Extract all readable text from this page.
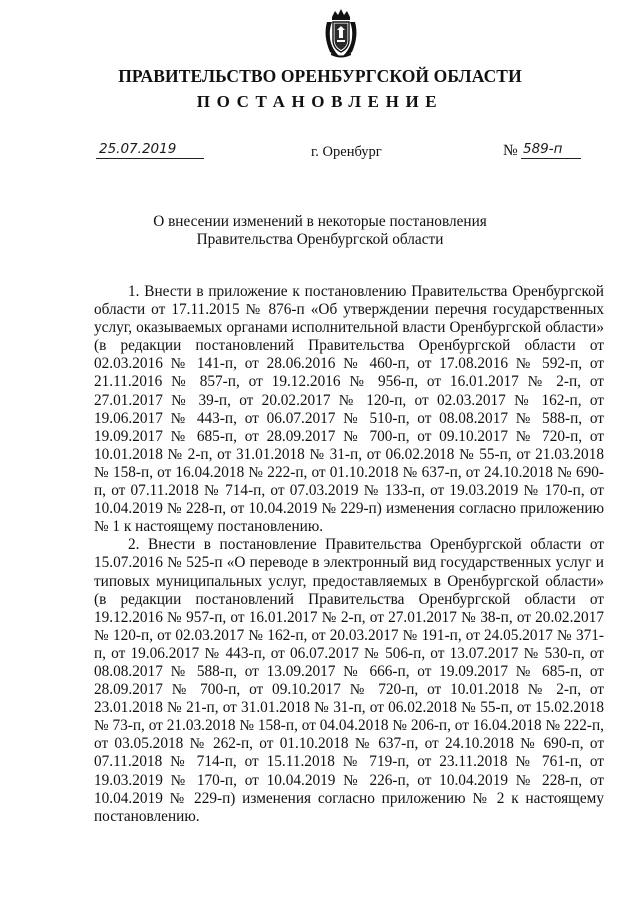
ПРАВИТЕЛЬСТВО ОРЕНБУРГСКОЙ ОБЛАСТИ
ПОСТАНОВЛЕНИЕ
25.07.2019	г. Оренбург	№ 589-п
О внесении изменений в некоторые постановления
Правительства Оренбургской области

1. Внести в приложение к постановлению Правительства Оренбургской области от 17.11.2015 № 876-п «Об утверждении перечня государственных услуг, оказываемых органами исполнительной власти Оренбургской области» (в редакции постановлений Правительства Оренбургской области от 02.03.2016 № 141-п, от 28.06.2016 № 460-п, от 17.08.2016 № 592-п, от 21.11.2016 № 857-п, от 19.12.2016 № 956-п, от 16.01.2017 № 2-п, от 27.01.2017 № 39-п, от 20.02.2017 № 120-п, от 02.03.2017 № 162-п, от 19.06.2017 № 443-п, от 06.07.2017 № 510-п, от 08.08.2017 № 588-п, от 19.09.2017 № 685-п, от 28.09.2017 № 700-п, от 09.10.2017 № 720-п, от 10.01.2018 № 2-п, от 31.01.2018 № 31-п, от 06.02.2018 № 55-п, от 21.03.2018 № 158-п, от 16.04.2018 № 222-п, от 01.10.2018 № 637-п, от 24.10.2018 № 690-п, от 07.11.2018 № 714-п, от 07.03.2019 № 133-п, от 19.03.2019 № 170-п, от 10.04.2019 № 228-п, от 10.04.2019 № 229-п) изменения согласно приложению № 1 к настоящему постановлению.

2. Внести в постановление Правительства Оренбургской области от 15.07.2016 № 525-п «О переводе в электронный вид государственных услуг и типовых муниципальных услуг, предоставляемых в Оренбургской области» (в редакции постановлений Правительства Оренбургской области от 19.12.2016 № 957-п, от 16.01.2017 № 2-п, от 27.01.2017 № 38-п, от 20.02.2017 № 120-п, от 02.03.2017 № 162-п, от 20.03.2017 № 191-п, от 24.05.2017 № 371-п, от 19.06.2017 № 443-п, от 06.07.2017 № 506-п, от 13.07.2017 № 530-п, от 08.08.2017 № 588-п, от 13.09.2017 № 666-п, от 19.09.2017 № 685-п, от 28.09.2017 № 700-п, от 09.10.2017 № 720-п, от 10.01.2018 № 2-п, от 23.01.2018 № 21-п, от 31.01.2018 № 31-п, от 06.02.2018 № 55-п, от 15.02.2018 № 73-п, от 21.03.2018 № 158-п, от 04.04.2018 № 206-п, от 16.04.2018 № 222-п, от 03.05.2018 № 262-п, от 01.10.2018 № 637-п, от 24.10.2018 № 690-п, от 07.11.2018 № 714-п, от 15.11.2018 № 719-п, от 23.11.2018 № 761-п, от 19.03.2019 № 170-п, от 10.04.2019 № 226-п, от 10.04.2019 № 228-п, от 10.04.2019 № 229-п) изменения согласно приложению № 2 к настоящему постановлению.
